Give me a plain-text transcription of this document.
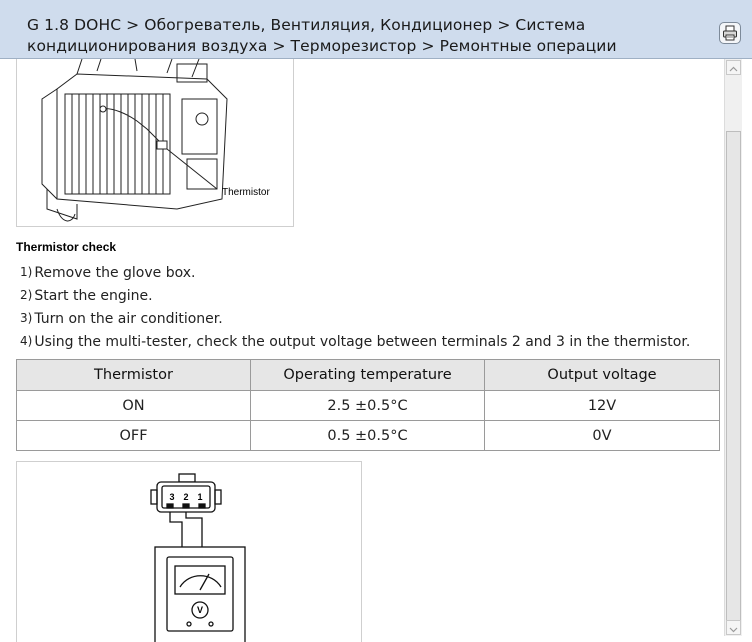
G 1.8 DOHC > Обогреватель, Вентиляция, Кондиционер > Система кондиционирования воздуха > Терморезистор > Ремонтные операции
Thermistor
Thermistor check
1) Remove the glove box.
2) Start the engine.
3) Turn on the air conditioner.
4) Using the multi-tester, check the output voltage between terminals 2 and 3 in the thermistor.
Thermistor	Operating temperature	Output voltage
ON	2.5 ±0.5°C	12V
OFF	0.5 ±0.5°C	0V
3 2 1
V
